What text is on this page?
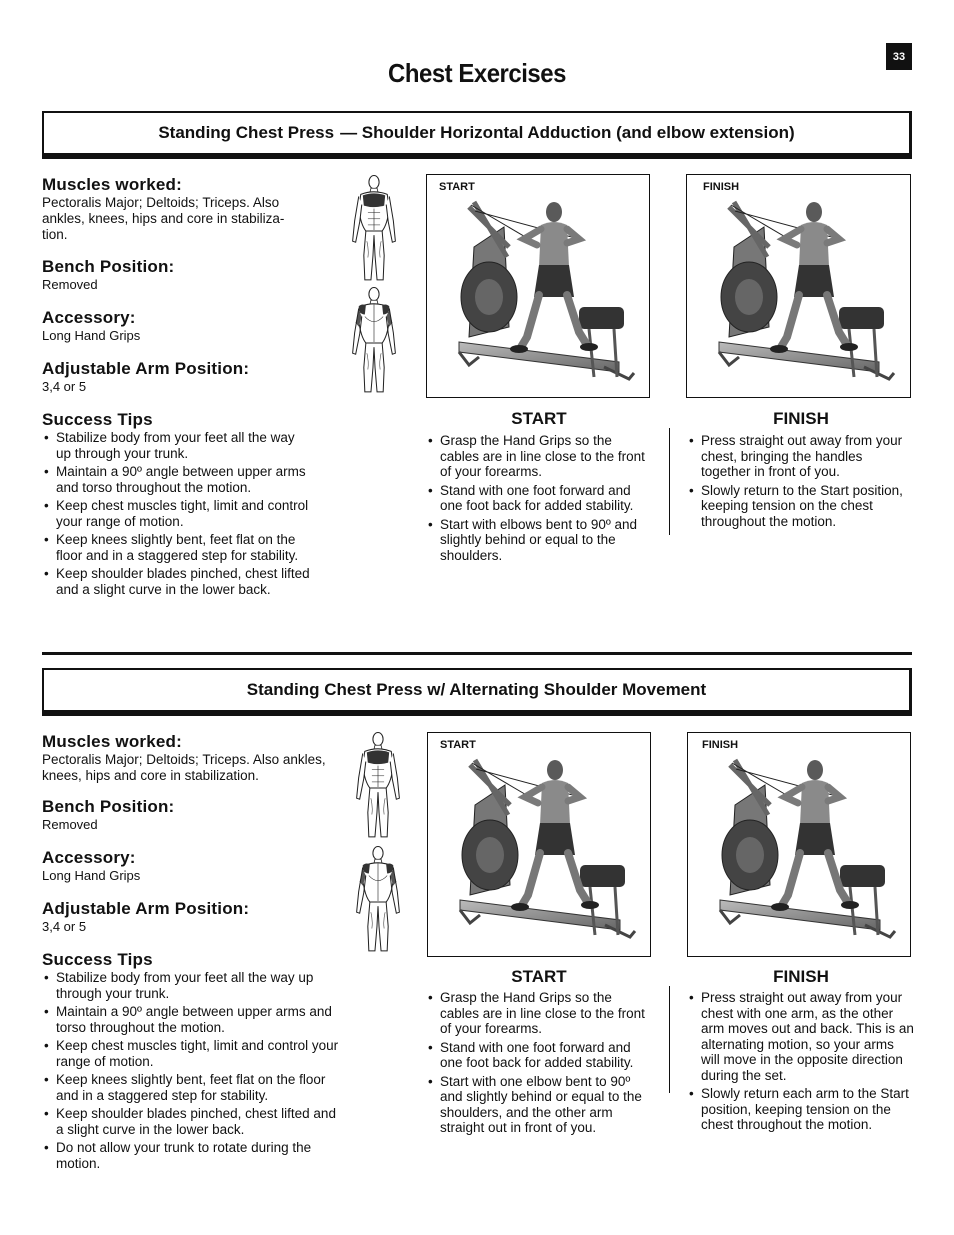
33
Chest Exercises
Standing Chest Press — Shoulder Horizontal Adduction (and elbow extension)
Muscles worked:
Pectoralis Major; Deltoids; Triceps. Also ankles, knees, hips and core in stabiliza-tion.
Bench Position:
Removed
Accessory:
Long Hand Grips
Adjustable Arm Position:
3,4 or 5
Success Tips
• Stabilize body from your feet all the way up through your trunk.
• Maintain a 90º angle between upper arms and torso throughout the motion.
• Keep chest muscles tight, limit and control your range of motion.
• Keep knees slightly bent, feet flat on the floor and in a staggered step for stability.
• Keep shoulder blades pinched, chest lifted and a slight curve in the lower back.
START	FINISH
START
• Grasp the Hand Grips so the cables are in line close to the front of your forearms.
• Stand with one foot forward and one foot back for added stability.
• Start with elbows bent to 90º and slightly behind or equal to the shoulders.
FINISH
• Press straight out away from your chest, bringing the handles together in front of you.
• Slowly return to the Start position, keeping tension on the chest throughout the motion.
Standing Chest Press w/ Alternating Shoulder Movement
Muscles worked:
Pectoralis Major; Deltoids; Triceps. Also ankles, knees, hips and core in stabilization.
Bench Position:
Removed
Accessory:
Long Hand Grips
Adjustable Arm Position:
3,4 or 5
Success Tips
• Stabilize body from your feet all the way up through your trunk.
• Maintain a 90º angle between upper arms and torso throughout the motion.
• Keep chest muscles tight, limit and control your range of motion.
• Keep knees slightly bent, feet flat on the floor and in a staggered step for stability.
• Keep shoulder blades pinched, chest lifted and a slight curve in the lower back.
• Do not allow your trunk to rotate during the motion.
START	FINISH
START
• Grasp the Hand Grips so the cables are in line close to the front of your forearms.
• Stand with one foot forward and one foot back for added stability.
• Start with one elbow bent to 90º and slightly behind or equal to the shoulders, and the other arm straight out in front of you.
FINISH
• Press straight out away from your chest with one arm, as the other arm moves out and back. This is an alternating motion, so your arms will move in the opposite direction during the set.
• Slowly return each arm to the Start position, keeping tension on the chest throughout the motion.
